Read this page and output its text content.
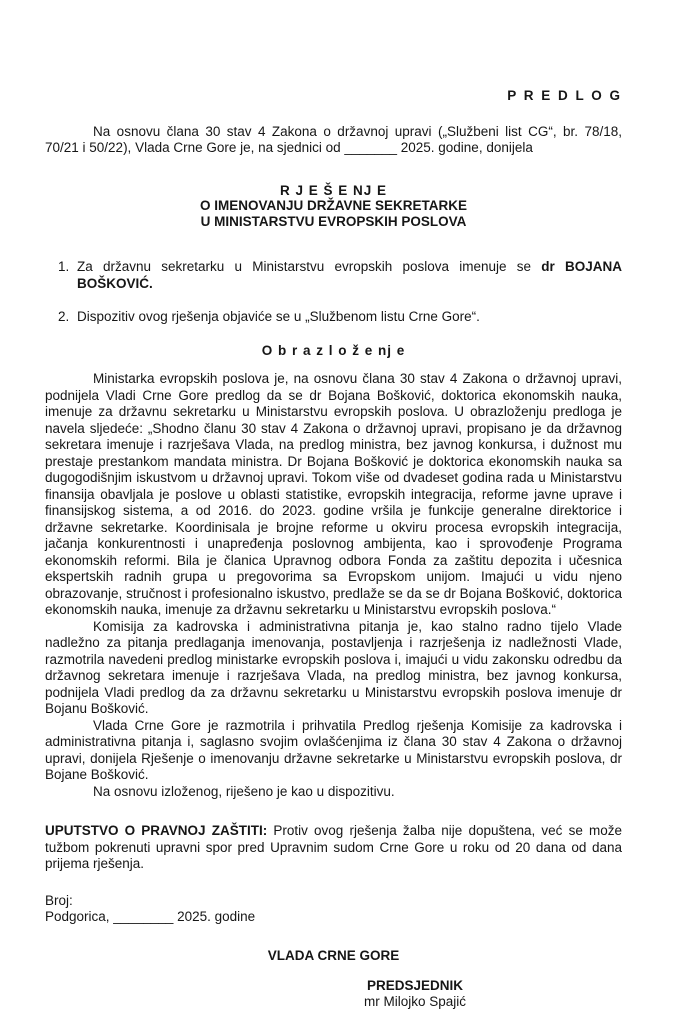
P R E D L O G

Na osnovu člana 30 stav 4 Zakona o državnoj upravi („Službeni list CG“, br. 78/18, 70/21 i 50/22), Vlada Crne Gore je, na sjednici od _______ 2025. godine, donijela

R J E Š E NJ E
O IMENOVANJU DRŽAVNE SEKRETARKE
U MINISTARSTVU EVROPSKIH POSLOVA
1. Za državnu sekretarku u Ministarstvu evropskih poslova imenuje se dr BOJANA BOŠKOVIĆ.
2. Dispozitiv ovog rješenja objaviće se u „Službenom listu Crne Gore“.
O b r a z l o ž e nj e

Ministarka evropskih poslova je, na osnovu člana 30 stav 4 Zakona o državnoj upravi, podnijela Vladi Crne Gore predlog da se dr Bojana Bošković, doktorica ekonomskih nauka, imenuje za državnu sekretarku u Ministarstvu evropskih poslova. U obrazloženju predloga je navela sljedeće: „Shodno članu 30 stav 4 Zakona o državnoj upravi, propisano je da državnog sekretara imenuje i razrješava Vlada, na predlog ministra, bez javnog konkursa, i dužnost mu prestaje prestankom mandata ministra. Dr Bojana Bošković je doktorica ekonomskih nauka sa dugogodišnjim iskustvom u državnoj upravi. Tokom više od dvadeset godina rada u Ministarstvu finansija obavljala je poslove u oblasti statistike, evropskih integracija, reforme javne uprave i finansijskog sistema, a od 2016. do 2023. godine vršila je funkcije generalne direktorice i državne sekretarke. Koordinisala je brojne reforme u okviru procesa evropskih integracija, jačanja konkurentnosti i unapređenja poslovnog ambijenta, kao i sprovođenje Programa ekonomskih reformi. Bila je članica Upravnog odbora Fonda za zaštitu depozita i učesnica ekspertskih radnih grupa u pregovorima sa Evropskom unijom. Imajući u vidu njeno obrazovanje, stručnost i profesionalno iskustvo, predlaže se da se dr Bojana Bošković, doktorica ekonomskih nauka, imenuje za državnu sekretarku u Ministarstvu evropskih poslova.“

Komisija za kadrovska i administrativna pitanja je, kao stalno radno tijelo Vlade nadležno za pitanja predlaganja imenovanja, postavljenja i razrješenja iz nadležnosti Vlade, razmotrila navedeni predlog ministarke evropskih poslova i, imajući u vidu zakonsku odredbu da državnog sekretara imenuje i razrješava Vlada, na predlog ministra, bez javnog konkursa, podnijela Vladi predlog da za državnu sekretarku u Ministarstvu evropskih poslova imenuje dr Bojanu Bošković.

Vlada Crne Gore je razmotrila i prihvatila Predlog rješenja Komisije za kadrovska i administrativna pitanja i, saglasno svojim ovlašćenjima iz člana 30 stav 4 Zakona o državnoj upravi, donijela Rješenje o imenovanju državne sekretarke u Ministarstvu evropskih poslova, dr Bojane Bošković.

Na osnovu izloženog, riješeno je kao u dispozitivu.

UPUTSTVO O PRAVNOJ ZAŠTITI: Protiv ovog rješenja žalba nije dopuštena, već se može tužbom pokrenuti upravni spor pred Upravnim sudom Crne Gore u roku od 20 dana od dana prijema rješenja.

Broj:

Podgorica, ________ 2025. godine

VLADA CRNE GORE
PREDSJEDNIK
mr Milojko Spajić
